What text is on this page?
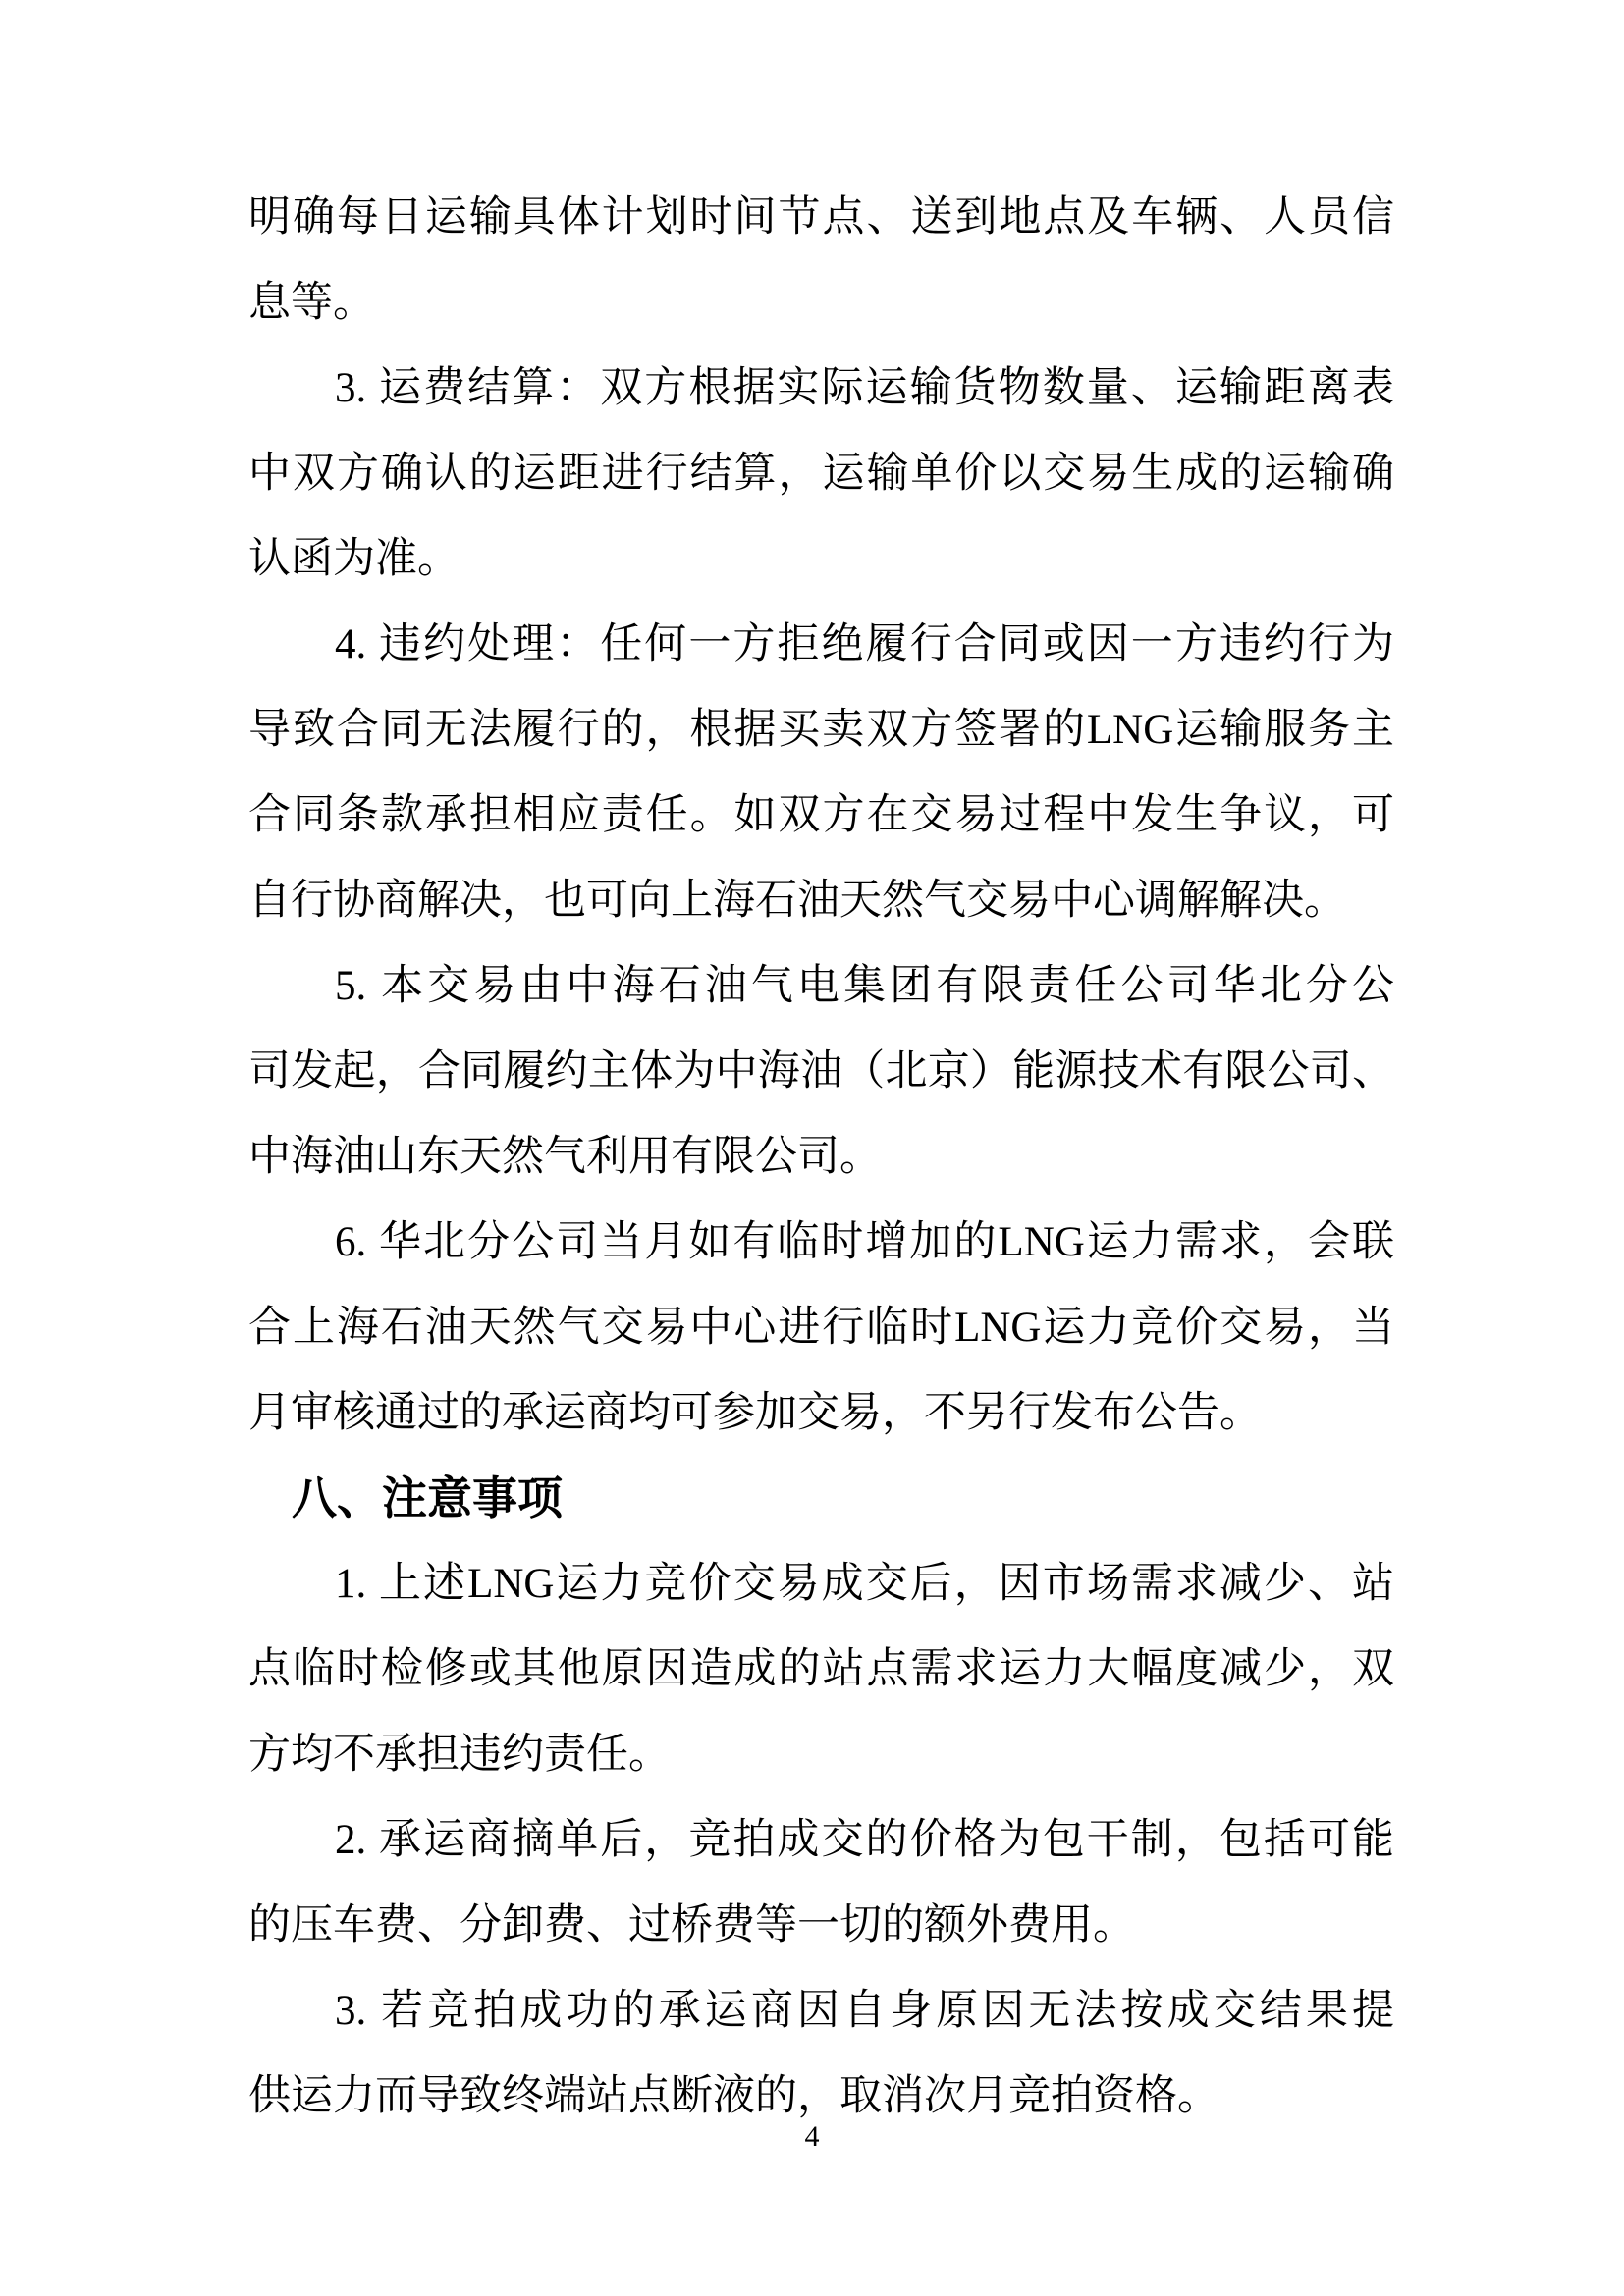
明确每日运输具体计划时间节点、送到地点及车辆、人员信
息等。
3. 运费结算：双方根据实际运输货物数量、运输距离表
中双方确认的运距进行结算，运输单价以交易生成的运输确
认函为准。
4. 违约处理：任何一方拒绝履行合同或因一方违约行为
导致合同无法履行的，根据买卖双方签署的LNG运输服务主
合同条款承担相应责任。如双方在交易过程中发生争议，可
自行协商解决，也可向上海石油天然气交易中心调解解决。
5. 本交易由中海石油气电集团有限责任公司华北分公
司发起，合同履约主体为中海油（北京）能源技术有限公司、
中海油山东天然气利用有限公司。
6. 华北分公司当月如有临时增加的LNG运力需求，会联
合上海石油天然气交易中心进行临时LNG运力竞价交易，当
月审核通过的承运商均可参加交易，不另行发布公告。
八、注意事项
1. 上述LNG运力竞价交易成交后，因市场需求减少、站
点临时检修或其他原因造成的站点需求运力大幅度减少，双
方均不承担违约责任。
2. 承运商摘单后，竞拍成交的价格为包干制，包括可能
的压车费、分卸费、过桥费等一切的额外费用。
3. 若竞拍成功的承运商因自身原因无法按成交结果提
供运力而导致终端站点断液的，取消次月竞拍资格。
4
